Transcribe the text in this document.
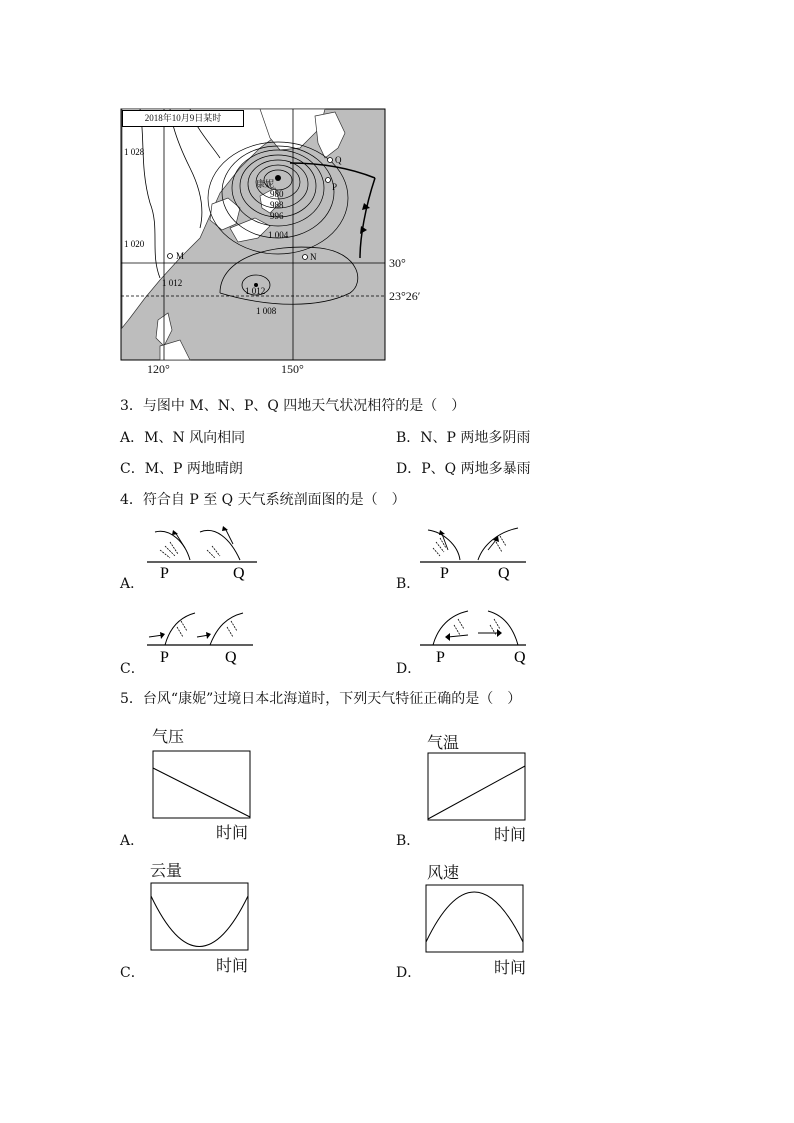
1 028
1 020
1 012
1 012
1 008
1 004
996
988
980
康妮
M	N
P
Q
2018年10月9日某时
30°
23°26′
120°	150°
3．与图中 M、N、P、Q 四地天气状况相符的是（　）
A．M、N 风向相同	B．N、P 两地多阴雨
C．M、P 两地晴朗	D．P、Q 两地多暴雨
4．符合自 P 至 Q 天气系统剖面图的是（　）
A．
P	Q
B．
P	Q
C．
P	Q
D．
P	Q
5．台风“康妮”过境日本北海道时，下列天气特征正确的是（　）
气压
时间
A．
气温
时间
B．
云量
时间
C．
风速
时间
D．
